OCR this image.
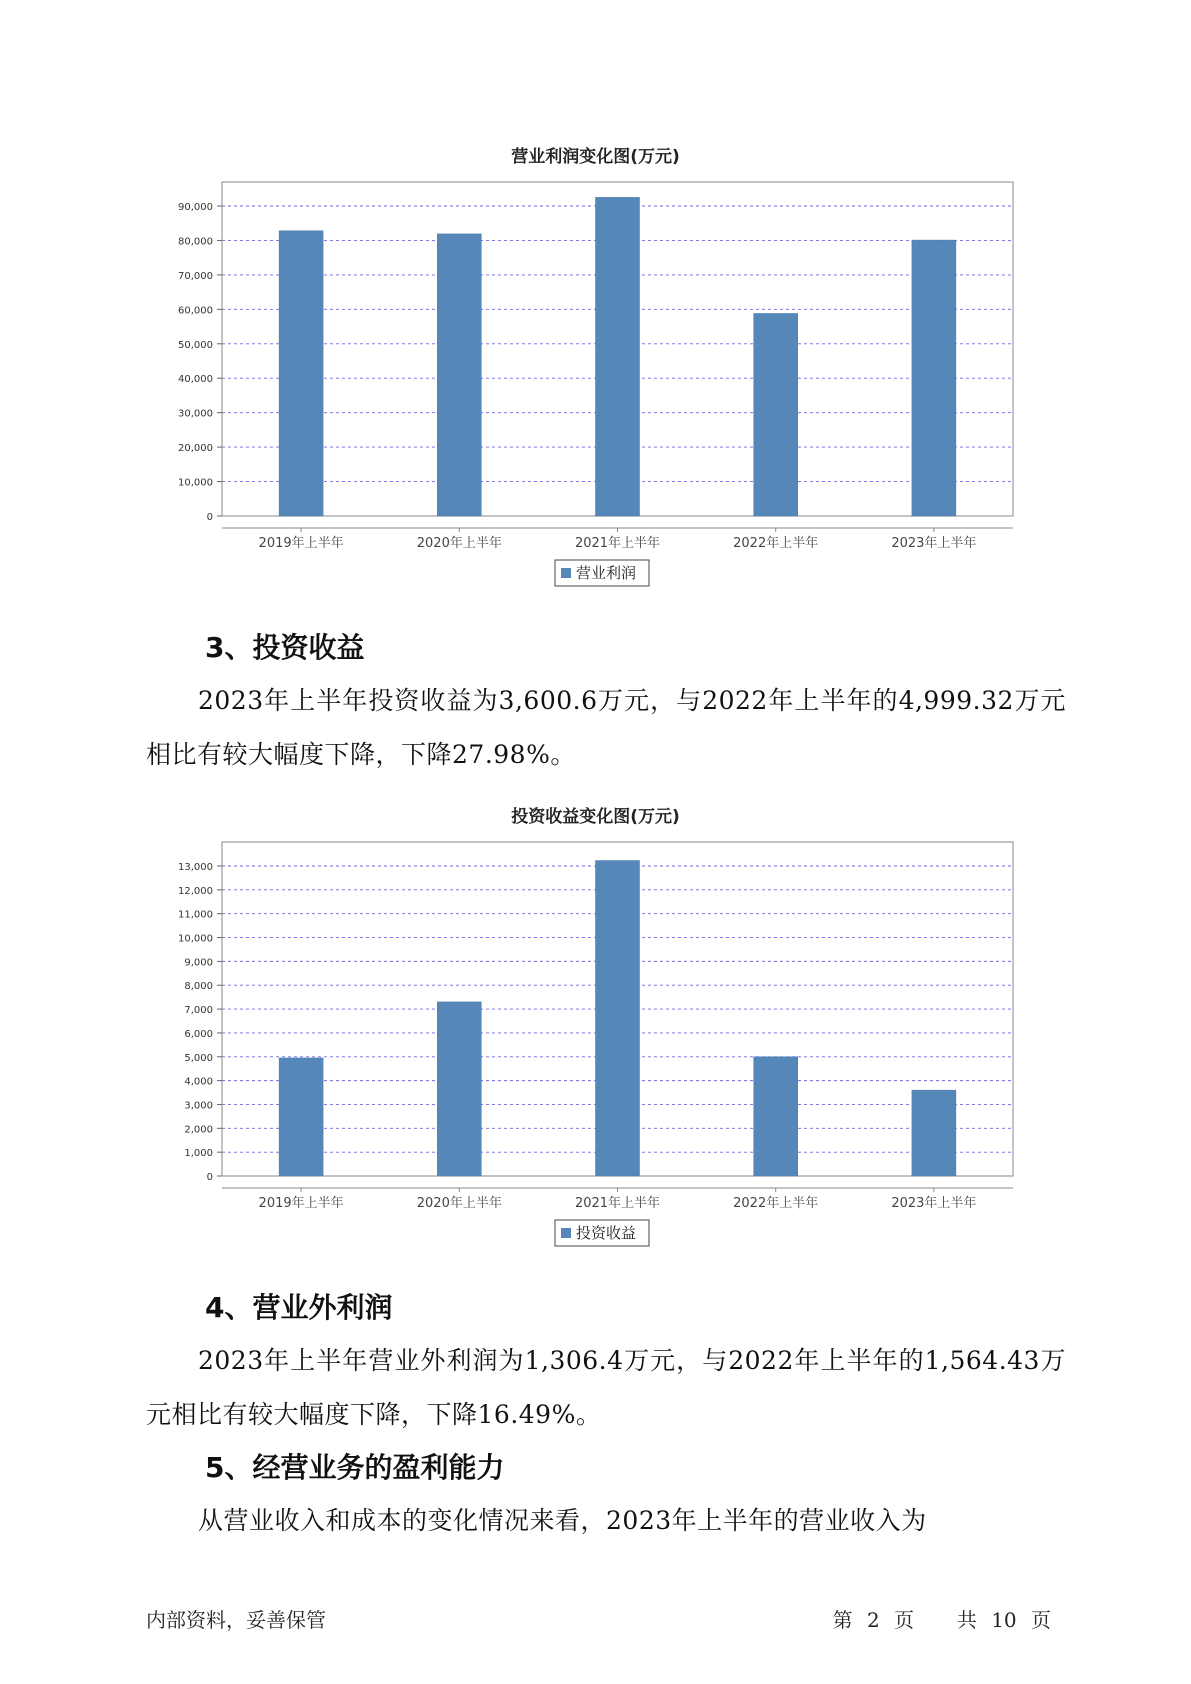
营业利润变化图(万元)
0
10,000
20,000
30,000
40,000
50,000
60,000
70,000
80,000
90,000
2019年上半年	2020年上半年	2021年上半年	2022年上半年	2023年上半年
营业利润
3、投资收益

2023年上半年投资收益为3,600.6万元，与2022年上半年的4,999.32万元相比有较大幅度下降，下降27.98%。

投资收益变化图(万元)
0
1,000
2,000
3,000
4,000
5,000
6,000
7,000
8,000
9,000
10,000
11,000
12,000
13,000
2019年上半年	2020年上半年	2021年上半年	2022年上半年	2023年上半年
投资收益
4、营业外利润

2023年上半年营业外利润为1,306.4万元，与2022年上半年的1,564.43万元相比有较大幅度下降，下降16.49%。

5、经营业务的盈利能力

从营业收入和成本的变化情况来看，2023年上半年的营业收入为

内部资料，妥善保管	第 2 页 共 10 页
